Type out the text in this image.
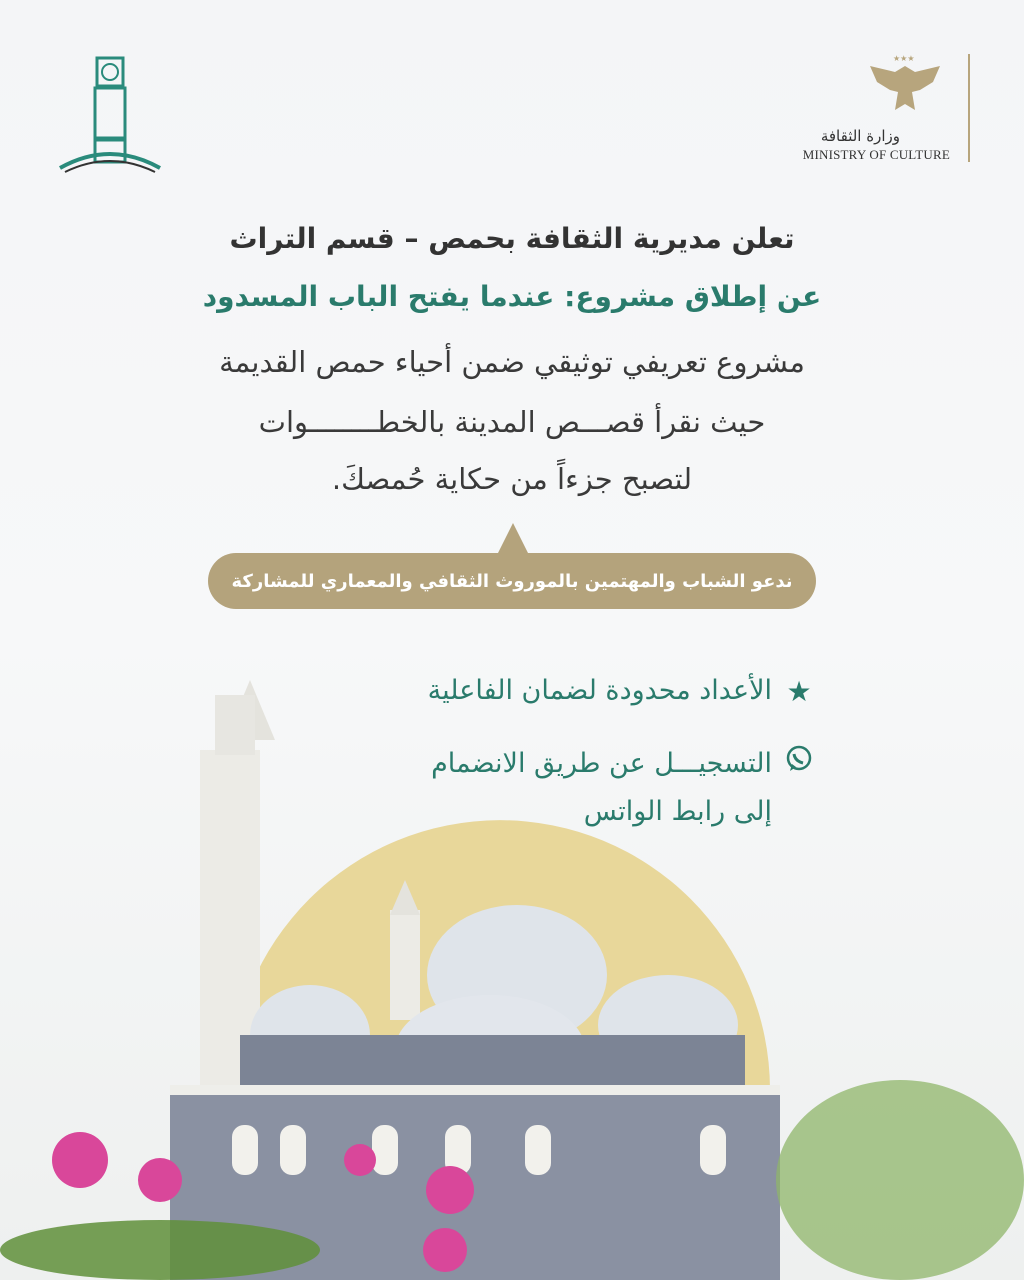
★★★
وزارة الثقافة
MINISTRY OF CULTURE
تعلن مديرية الثقافة بحمص – قسم التراث
عن إطلاق مشروع: عندما يفتح الباب المسدود
مشروع تعريفي توثيقي ضمن أحياء حمص القديمة
حيث نقرأ قصـــص المدينة بالخطــــــــوات
لتصبح جزءاً من حكاية حُمصكَ.
ندعو الشباب والمهتمين بالموروث الثقافي والمعماري للمشاركة
★
الأعداد محدودة لضمان الفاعلية
التسجيـــل عن طريق الانضمام
إلى رابط الواتس
